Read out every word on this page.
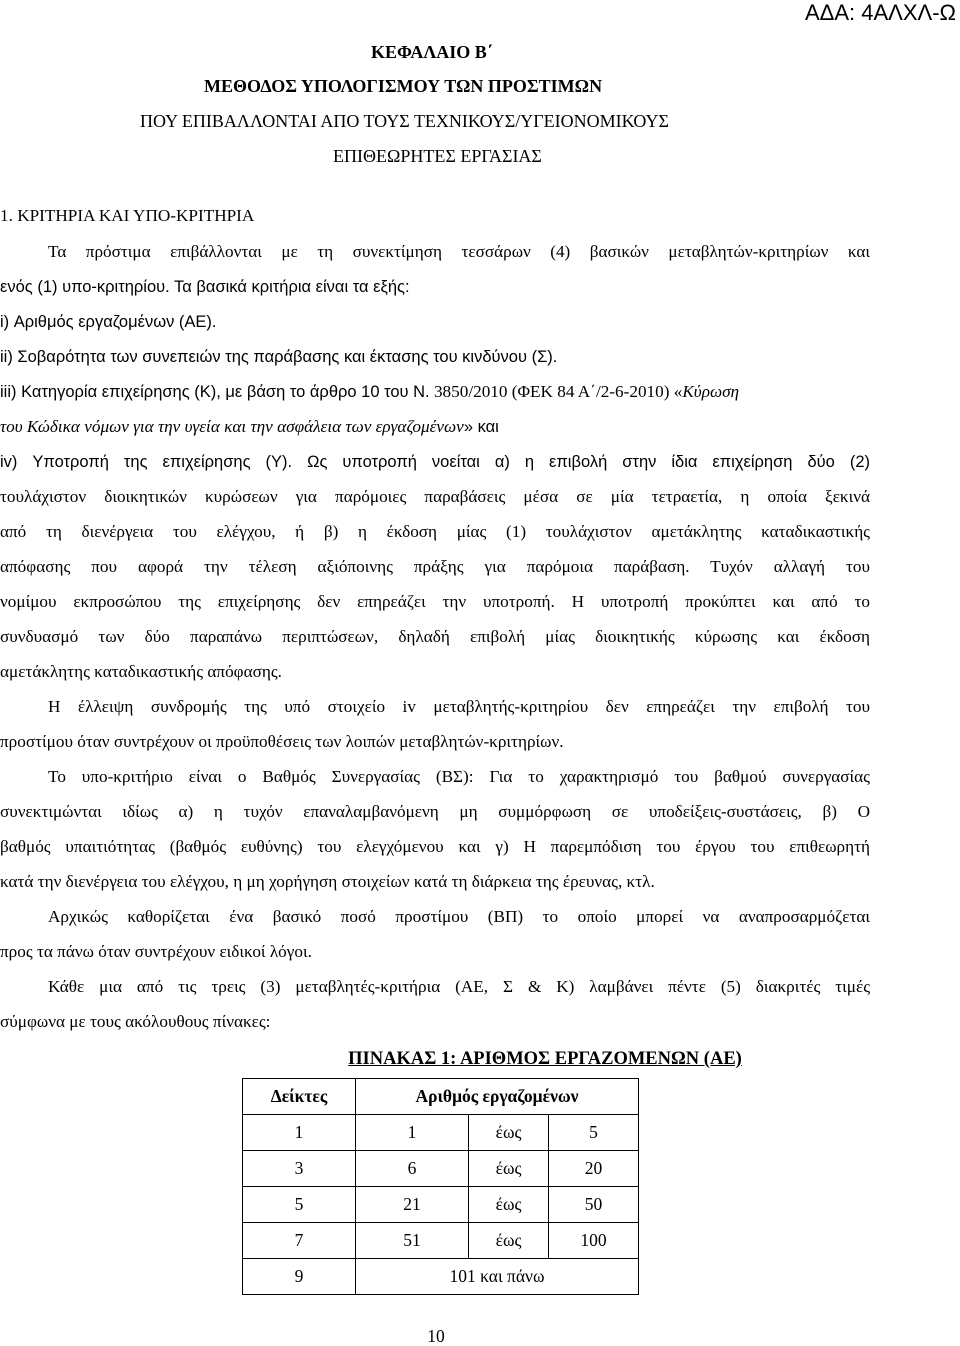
ΑΔΑ: 4ΑΛΧΛ-Ω
ΚΕΦΑΛΑΙΟ Β΄
ΜΕΘΟΔΟΣ ΥΠΟΛΟΓΙΣΜΟΥ ΤΩΝ ΠΡΟΣΤΙΜΩΝ
ΠΟΥ ΕΠΙΒΑΛΛΟΝΤΑΙ ΑΠΟ ΤΟΥΣ ΤΕΧΝΙΚΟΥΣ/ΥΓΕΙΟΝΟΜΙΚΟΥΣ
ΕΠΙΘΕΩΡΗΤΕΣ ΕΡΓΑΣΙΑΣ
1. ΚΡΙΤΗΡΙΑ ΚΑΙ ΥΠΟ-ΚΡΙΤΗΡΙΑ
Τα πρόστιμα επιβάλλονται με τη συνεκτίμηση τεσσάρων (4) βασικών μεταβλητών-κριτηρίων και
ενός (1) υπο-κριτηρίου. Τα βασικά κριτήρια είναι τα εξής:
i) Αριθμός εργαζομένων (ΑΕ).
ii) Σοβαρότητα των συνεπειών της παράβασης και έκτασης του κινδύνου (Σ).
iii) Κατηγορία επιχείρησης (Κ), με βάση το άρθρο 10 του Ν. 3850/2010 (ΦΕΚ 84 Α΄/2-6-2010) «Κύρωση
του Κώδικα νόμων για την υγεία και την ασφάλεια των εργαζομένων» και
iv) Υποτροπή της επιχείρησης (Υ). Ως υποτροπή νοείται α) η επιβολή στην ίδια επιχείρηση δύο (2)
τουλάχιστον διοικητικών κυρώσεων για παρόμοιες παραβάσεις μέσα σε μία τετραετία, η οποία ξεκινά
από τη διενέργεια του ελέγχου, ή β) η έκδοση μίας (1) τουλάχιστον αμετάκλητης καταδικαστικής
απόφασης που αφορά την τέλεση αξιόποινης πράξης για παρόμοια παράβαση. Τυχόν αλλαγή του
νομίμου εκπροσώπου της επιχείρησης δεν επηρεάζει την υποτροπή. Η υποτροπή προκύπτει και από το
συνδυασμό των δύο παραπάνω περιπτώσεων, δηλαδή επιβολή μίας διοικητικής κύρωσης και έκδοση
αμετάκλητης καταδικαστικής απόφασης.
Η έλλειψη συνδρομής της υπό στοιχείο iv μεταβλητής-κριτηρίου δεν επηρεάζει την επιβολή του
προστίμου όταν συντρέχουν οι προϋποθέσεις των λοιπών μεταβλητών-κριτηρίων.
Το υπο-κριτήριο είναι ο Βαθμός Συνεργασίας (ΒΣ): Για το χαρακτηρισμό του βαθμού συνεργασίας
συνεκτιμώνται ιδίως α) η τυχόν επαναλαμβανόμενη μη συμμόρφωση σε υποδείξεις-συστάσεις, β) Ο
βαθμός υπαιτιότητας (βαθμός ευθύνης) του ελεγχόμενου και γ) Η παρεμπόδιση του έργου του επιθεωρητή
κατά την διενέργεια του ελέγχου, η μη χορήγηση στοιχείων κατά τη διάρκεια της έρευνας, κτλ.
Αρχικώς καθορίζεται ένα βασικό ποσό προστίμου (ΒΠ) το οποίο μπορεί να αναπροσαρμόζεται
προς τα πάνω όταν συντρέχουν ειδικοί λόγοι.
Κάθε μια από τις τρεις (3) μεταβλητές-κριτήρια (ΑΕ, Σ & Κ) λαμβάνει πέντε (5) διακριτές τιμές
σύμφωνα με τους ακόλουθους πίνακες:
ΠΙΝΑΚΑΣ 1: ΑΡΙΘΜΟΣ ΕΡΓΑΖΟΜΕΝΩΝ (ΑΕ)
Δείκτες	Αριθμός εργαζομένων		
1	1	έως	5
3	6	έως	20
5	21	έως	50
7	51	έως	100
9	101 και πάνω		
10
